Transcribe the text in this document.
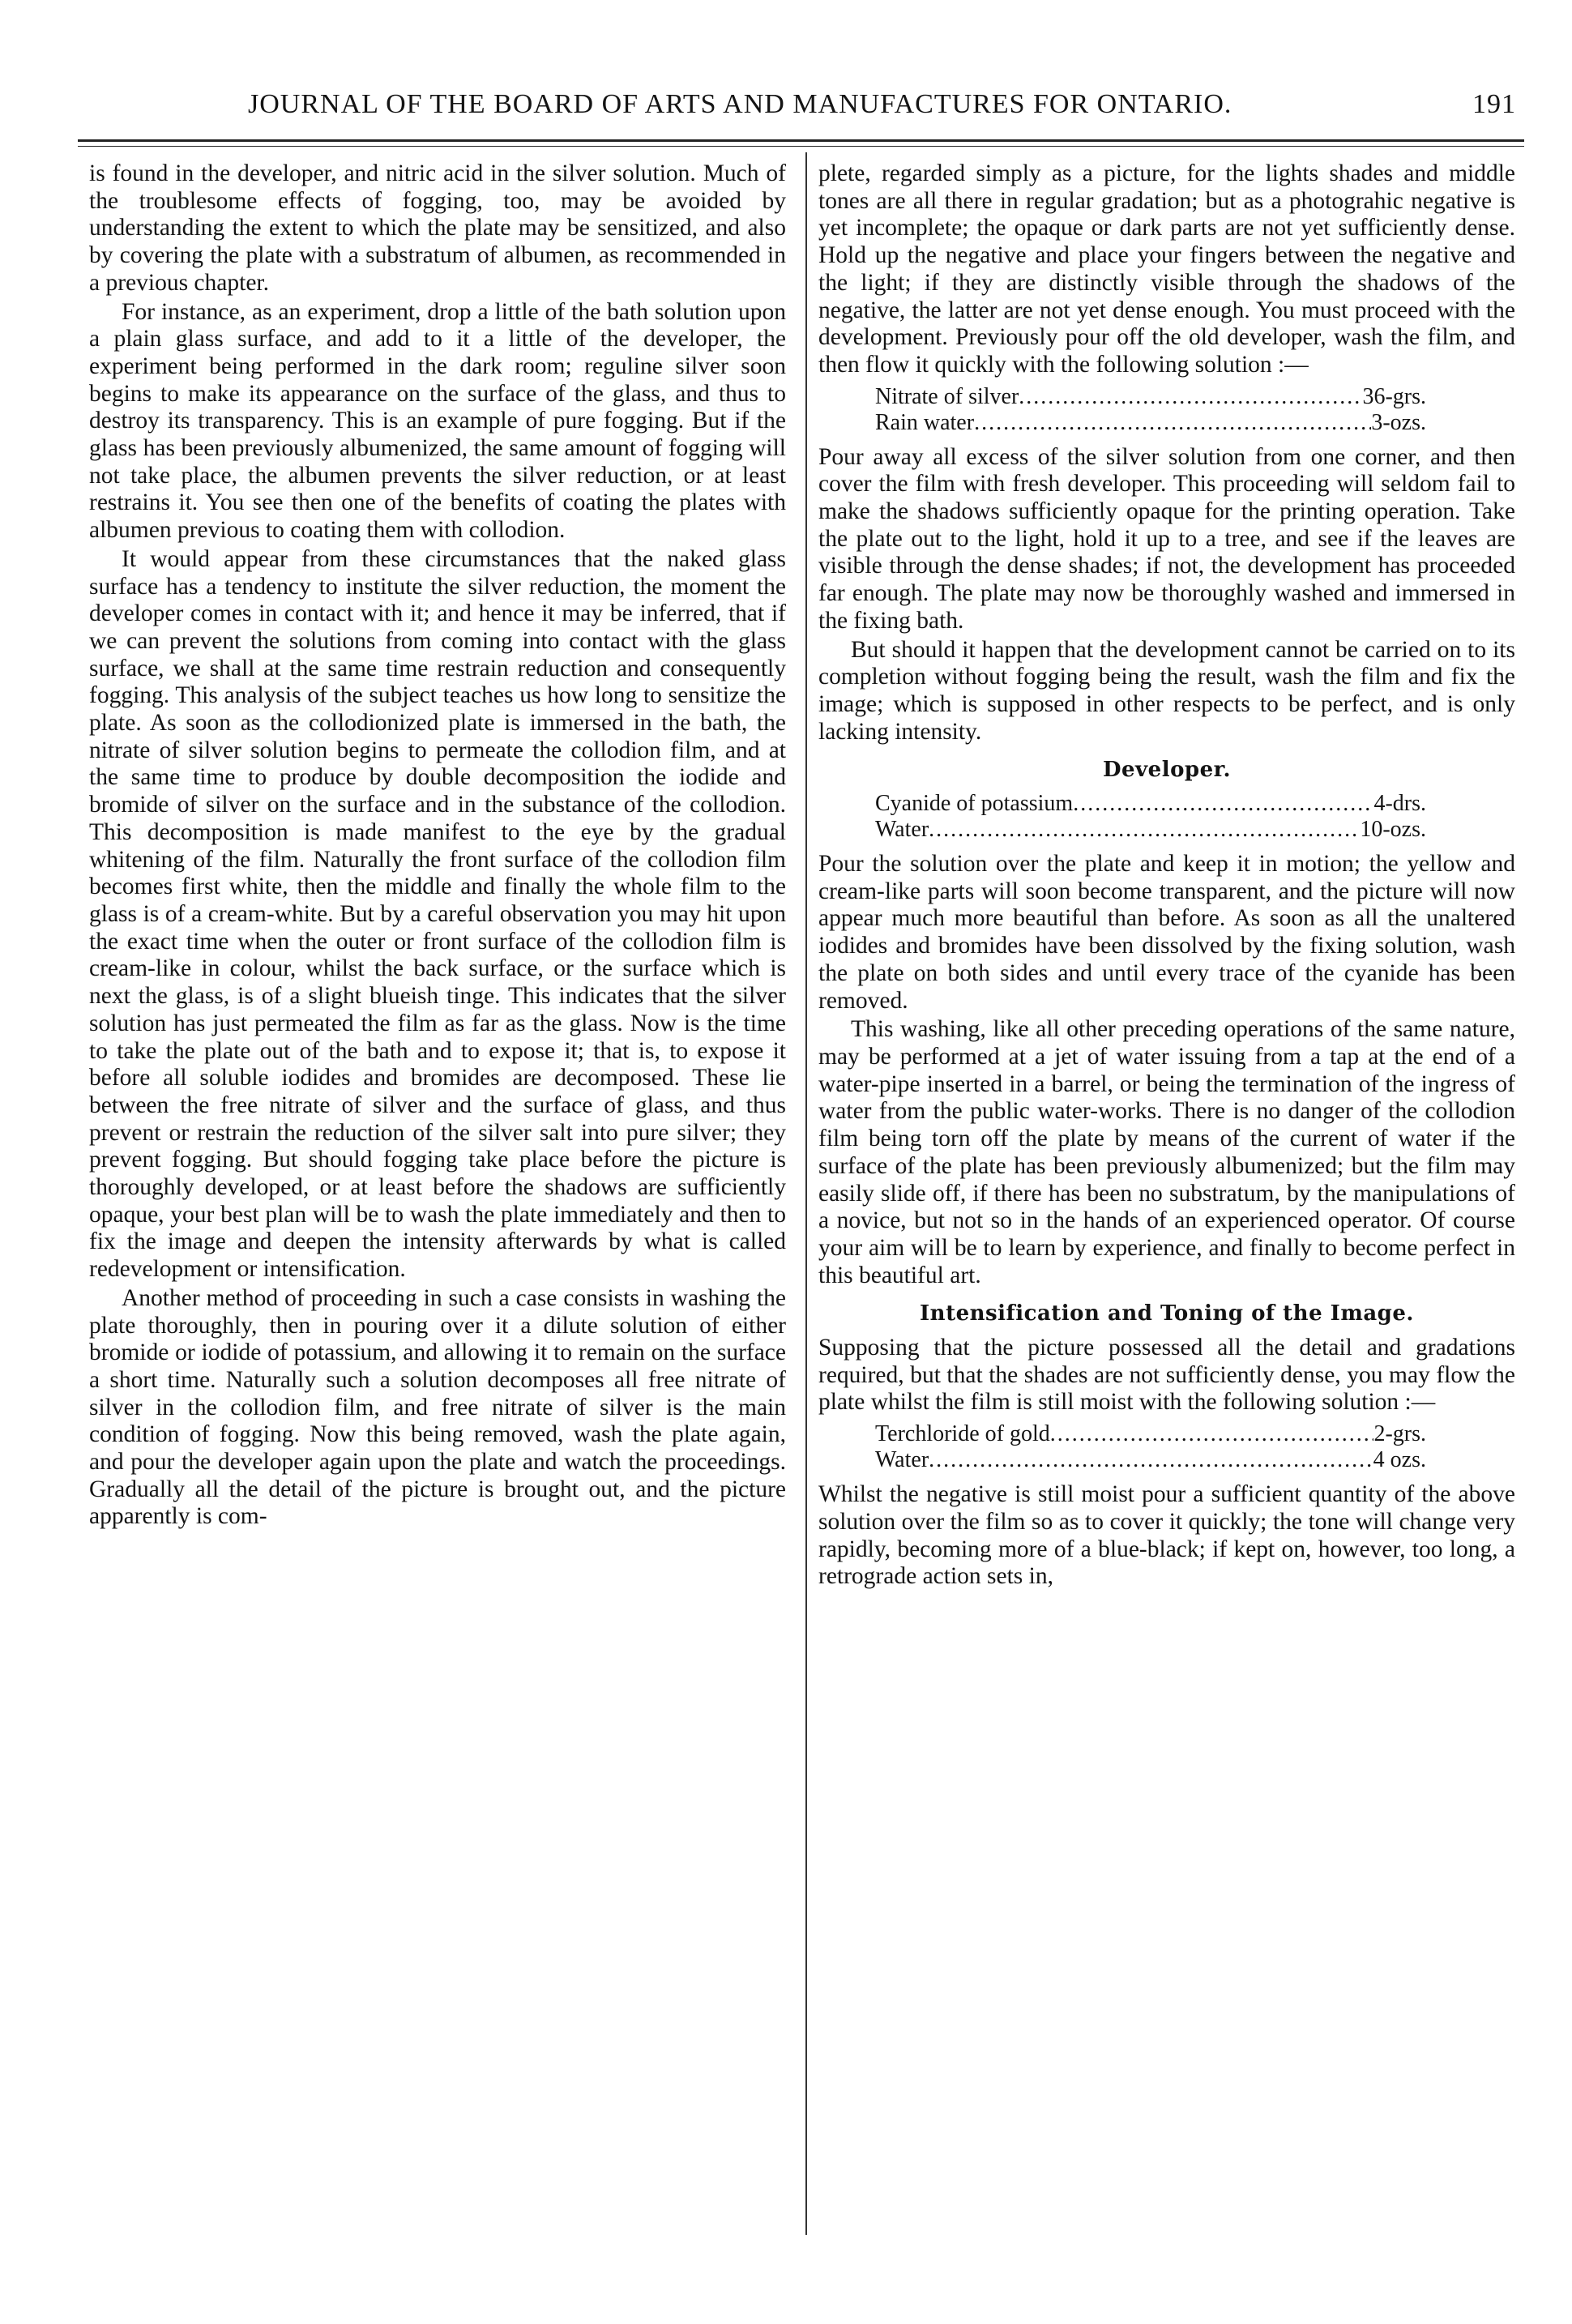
JOURNAL OF THE BOARD OF ARTS AND MANUFACTURES FOR ONTARIO.	191

is found in the developer, and nitric acid in the silver solution. Much of the troublesome effects of fogging, too, may be avoided by understanding the extent to which the plate may be sensitized, and also by covering the plate with a substratum of albumen, as recommended in a previous chapter.

For instance, as an experiment, drop a little of the bath solution upon a plain glass surface, and add to it a little of the developer, the experiment being performed in the dark room; reguline silver soon begins to make its appearance on the surface of the glass, and thus to destroy its transparency. This is an example of pure fogging. But if the glass has been previously albumenized, the same amount of fogging will not take place, the albumen prevents the silver reduction, or at least restrains it. You see then one of the benefits of coating the plates with albumen previous to coating them with collodion.

It would appear from these circumstances that the naked glass surface has a tendency to institute the silver reduction, the moment the developer comes in contact with it; and hence it may be inferred, that if we can prevent the solutions from coming into contact with the glass surface, we shall at the same time restrain reduction and consequently fogging. This analysis of the subject teaches us how long to sensitize the plate. As soon as the collodionized plate is immersed in the bath, the nitrate of silver solution begins to permeate the collodion film, and at the same time to produce by double decomposition the iodide and bromide of silver on the surface and in the substance of the collodion. This decomposition is made manifest to the eye by the gradual whitening of the film. Naturally the front surface of the collodion film becomes first white, then the middle and finally the whole film to the glass is of a cream-white. But by a careful observation you may hit upon the exact time when the outer or front surface of the collodion film is cream-like in colour, whilst the back surface, or the surface which is next the glass, is of a slight blueish tinge. This indicates that the silver solution has just permeated the film as far as the glass. Now is the time to take the plate out of the bath and to expose it; that is, to expose it before all soluble iodides and bromides are decomposed. These lie between the free nitrate of silver and the surface of glass, and thus prevent or restrain the reduction of the silver salt into pure silver; they prevent fogging. But should fogging take place before the picture is thoroughly developed, or at least before the shadows are sufficiently opaque, your best plan will be to wash the plate immediately and then to fix the image and deepen the intensity afterwards by what is called redevelopment or intensification.

Another method of proceeding in such a case consists in washing the plate thoroughly, then in pouring over it a dilute solution of either bromide or iodide of potassium, and allowing it to remain on the surface a short time. Naturally such a solution decomposes all free nitrate of silver in the collodion film, and free nitrate of silver is the main condition of fogging. Now this being removed, wash the plate again, and pour the developer again upon the plate and watch the proceedings. Gradually all the detail of the picture is brought out, and the picture apparently is com-

plete, regarded simply as a picture, for the lights shades and middle tones are all there in regular gradation; but as a photograhic negative is yet incomplete; the opaque or dark parts are not yet sufficiently dense. Hold up the negative and place your fingers between the negative and the light; if they are distinctly visible through the shadows of the negative, the latter are not yet dense enough. You must proceed with the development. Previously pour off the old developer, wash the film, and then flow it quickly with the following solution :—

Nitrate of silver .....	36-grs.
Rain water .....	3-ozs.

Pour away all excess of the silver solution from one corner, and then cover the film with fresh developer. This proceeding will seldom fail to make the shadows sufficiently opaque for the printing operation. Take the plate out to the light, hold it up to a tree, and see if the leaves are visible through the dense shades; if not, the development has proceeded far enough. The plate may now be thoroughly washed and immersed in the fixing bath.

But should it happen that the development cannot be carried on to its completion without fogging being the result, wash the film and fix the image; which is supposed in other respects to be perfect, and is only lacking intensity.

Developer.
Cyanide of potassium .....	4-drs.
Water .....	10-ozs.

Pour the solution over the plate and keep it in motion; the yellow and cream-like parts will soon become transparent, and the picture will now appear much more beautiful than before. As soon as all the unaltered iodides and bromides have been dissolved by the fixing solution, wash the plate on both sides and until every trace of the cyanide has been removed.

This washing, like all other preceding operations of the same nature, may be performed at a jet of water issuing from a tap at the end of a water-pipe inserted in a barrel, or being the termination of the ingress of water from the public water-works. There is no danger of the collodion film being torn off the plate by means of the current of water if the surface of the plate has been previously albumenized; but the film may easily slide off, if there has been no substratum, by the manipulations of a novice, but not so in the hands of an experienced operator. Of course your aim will be to learn by experience, and finally to become perfect in this beautiful art.

Intensification and Toning of the Image.

Supposing that the picture possessed all the detail and gradations required, but that the shades are not sufficiently dense, you may flow the plate whilst the film is still moist with the following solution :—

Terchloride of gold .....	2-grs.
Water .....	4 ozs.

Whilst the negative is still moist pour a sufficient quantity of the above solution over the film so as to cover it quickly; the tone will change very rapidly, becoming more of a blue-black; if kept on, however, too long, a retrograde action sets in,
